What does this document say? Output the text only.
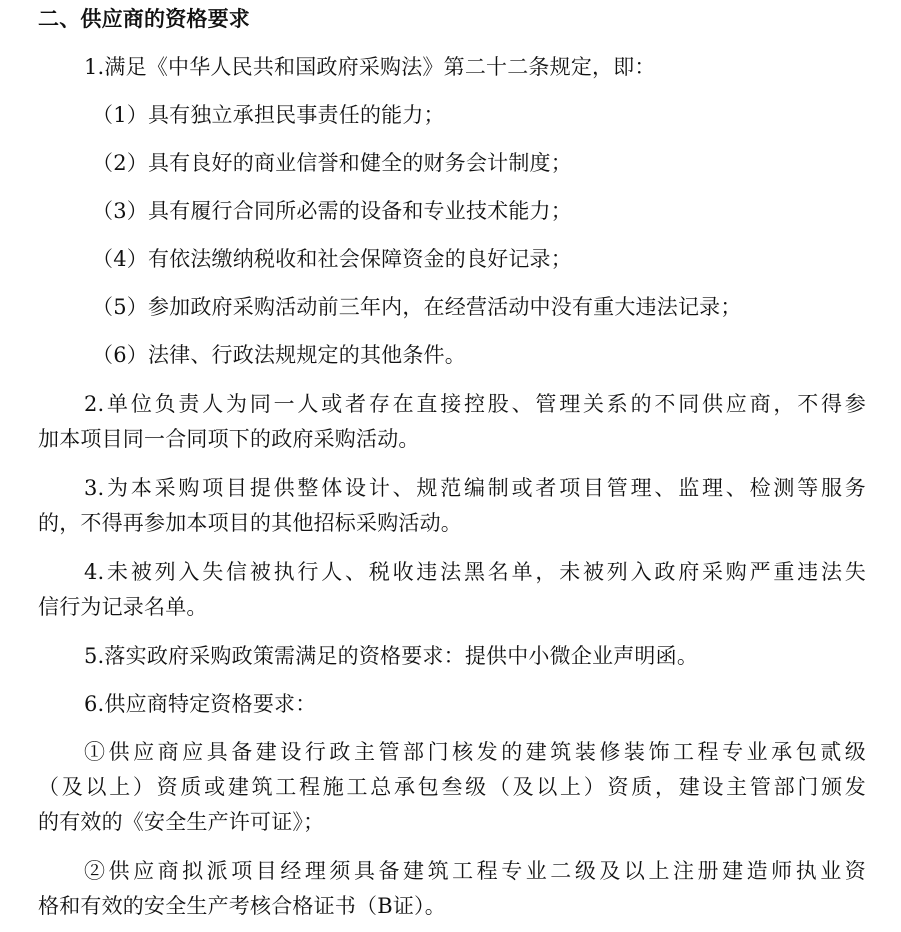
二、供应商的资格要求
1.满足《中华人民共和国政府采购法》第二十二条规定，即：
（1）具有独立承担民事责任的能力；
（2）具有良好的商业信誉和健全的财务会计制度；
（3）具有履行合同所必需的设备和专业技术能力；
（4）有依法缴纳税收和社会保障资金的良好记录；
（5）参加政府采购活动前三年内，在经营活动中没有重大违法记录；
（6）法律、行政法规规定的其他条件。
2.单位负责人为同一人或者存在直接控股、管理关系的不同供应商，不得参
加本项目同一合同项下的政府采购活动。
3.为本采购项目提供整体设计、规范编制或者项目管理、监理、检测等服务
的，不得再参加本项目的其他招标采购活动。
4.未被列入失信被执行人、税收违法黑名单，未被列入政府采购严重违法失
信行为记录名单。
5.落实政府采购政策需满足的资格要求：提供中小微企业声明函。
6.供应商特定资格要求：
①供应商应具备建设行政主管部门核发的建筑装修装饰工程专业承包贰级
（及以上）资质或建筑工程施工总承包叁级（及以上）资质，建设主管部门颁发
的有效的《安全生产许可证》；
②供应商拟派项目经理须具备建筑工程专业二级及以上注册建造师执业资
格和有效的安全生产考核合格证书（B证）。
